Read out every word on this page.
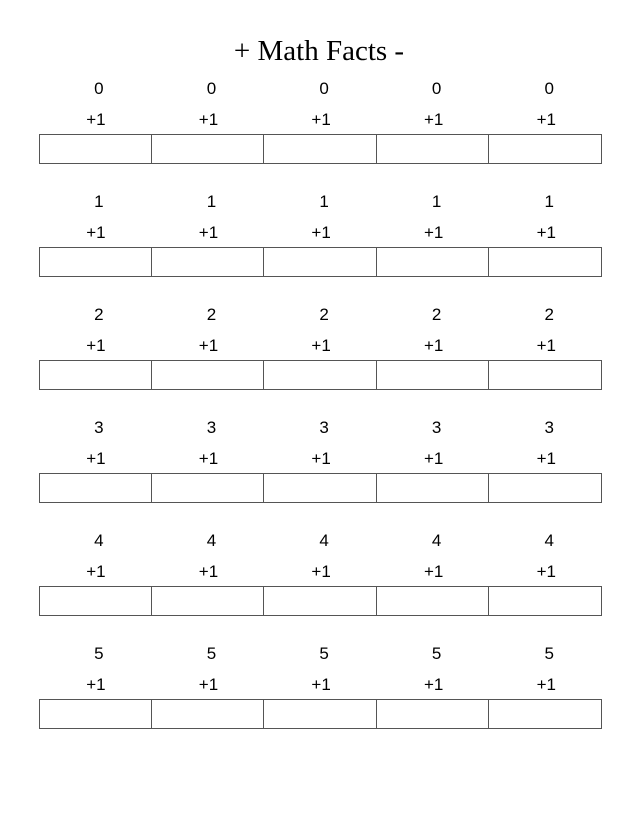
+ Math Facts -
0
+1
0
+1
0
+1
0
+1
0
+1
1
+1
1
+1
1
+1
1
+1
1
+1
2
+1
2
+1
2
+1
2
+1
2
+1
3
+1
3
+1
3
+1
3
+1
3
+1
4
+1
4
+1
4
+1
4
+1
4
+1
5
+1
5
+1
5
+1
5
+1
5
+1
